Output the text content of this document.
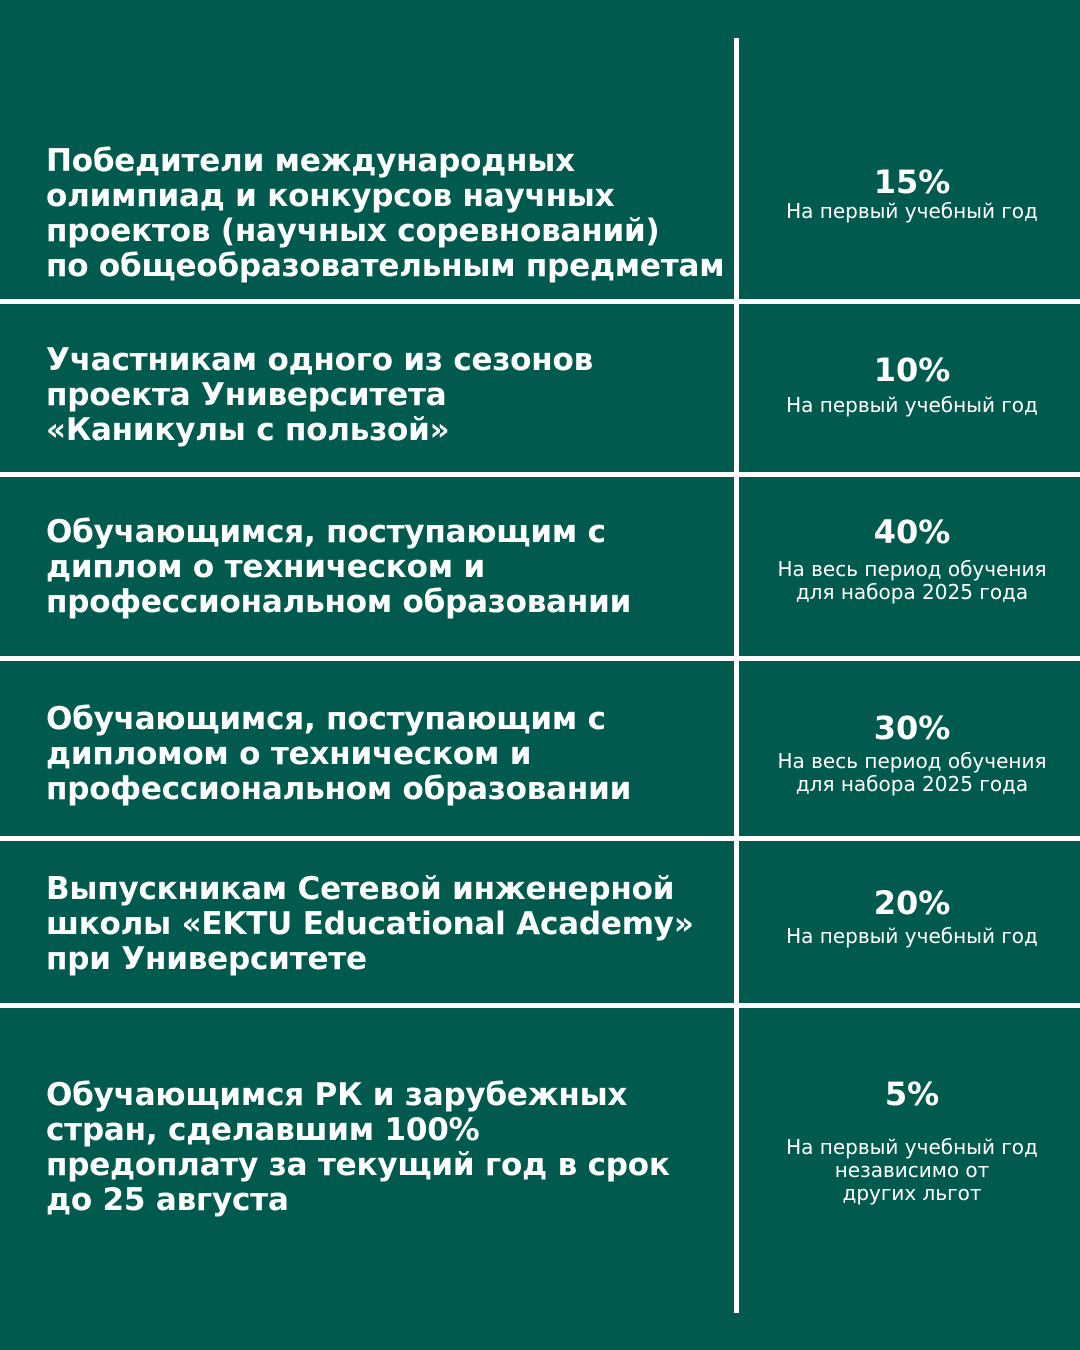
Победители международных
олимпиад и конкурсов научных
проектов (научных соревнований)
по общеобразовательным предметам
15%
На первый учебный год
Участникам одного из сезонов
проекта Университета
«Каникулы с пользой»
10%
На первый учебный год
Обучающимся, поступающим с
диплом о техническом и
профессиональном образовании
40%
На весь период обучения
для набора 2025 года
Обучающимся, поступающим с
дипломом о техническом и
профессиональном образовании
30%
На весь период обучения
для набора 2025 года
Выпускникам Сетевой инженерной
школы «EKTU Educational Academy»
при Университете
20%
На первый учебный год
Обучающимся РК и зарубежных
стран, сделавшим 100%
предоплату за текущий год в срок
до 25 августа
5%
На первый учебный год
независимо от
других льгот
